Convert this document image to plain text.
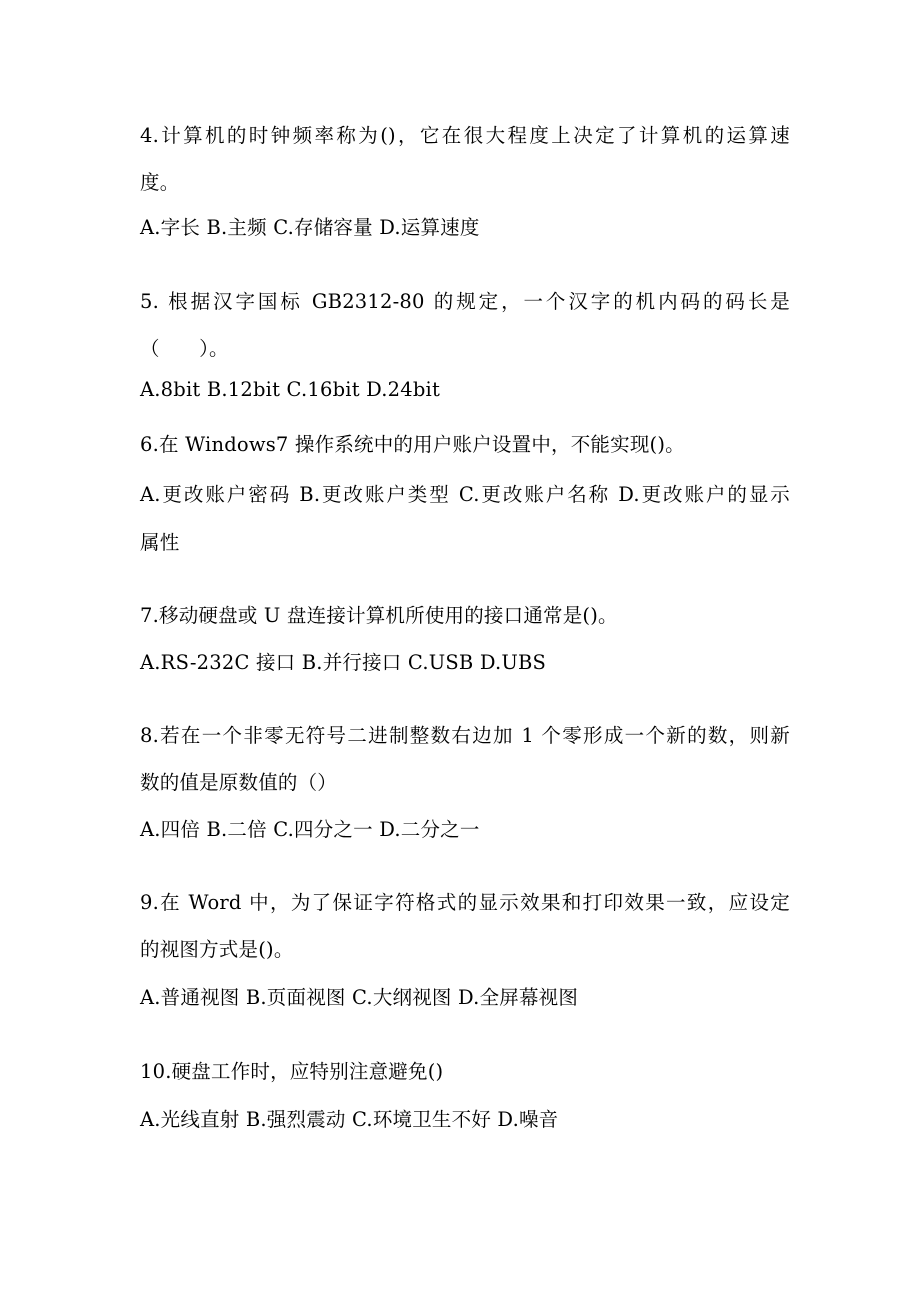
4.计算机的时钟频率称为()，它在很大程度上决定了计算机的运算速
度。
A.字长 B.主频 C.存储容量 D.运算速度
5. 根据汉字国标 GB2312-80 的规定，一个汉字的机内码的码长是
（　　）。
A.8bit B.12bit C.16bit D.24bit
6.在 Windows7 操作系统中的用户账户设置中，不能实现()。
A.更改账户密码 B.更改账户类型 C.更改账户名称 D.更改账户的显示
属性
7.移动硬盘或 U 盘连接计算机所使用的接口通常是()。
A.RS-232C 接口 B.并行接口 C.USB D.UBS
8.若在一个非零无符号二进制整数右边加 1 个零形成一个新的数，则新
数的值是原数值的（）
A.四倍 B.二倍 C.四分之一 D.二分之一
9.在 Word 中，为了保证字符格式的显示效果和打印效果一致，应设定
的视图方式是()。
A.普通视图 B.页面视图 C.大纲视图 D.全屏幕视图
10.硬盘工作时，应特别注意避免()
A.光线直射 B.强烈震动 C.环境卫生不好 D.噪音
